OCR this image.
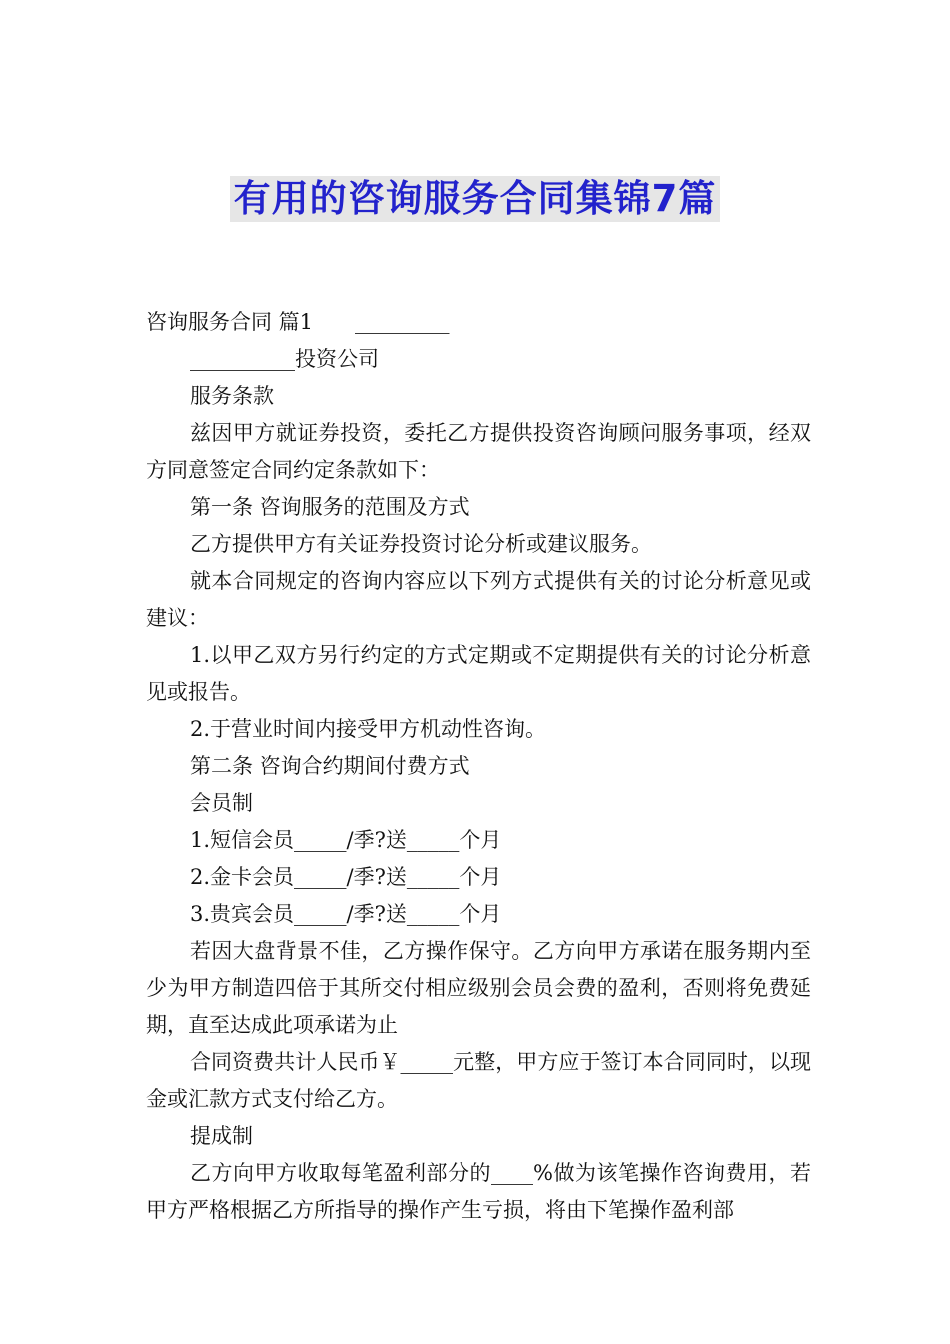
有用的咨询服务合同集锦7篇

咨询服务合同 篇1　　_________

__________投资公司

服务条款

兹因甲方就证券投资，委托乙方提供投资咨询顾问服务事项，经双方同意签定合同约定条款如下：

第一条 咨询服务的范围及方式

乙方提供甲方有关证券投资讨论分析或建议服务。

就本合同规定的咨询内容应以下列方式提供有关的讨论分析意见或建议：

1.以甲乙双方另行约定的方式定期或不定期提供有关的讨论分析意见或报告。

2.于营业时间内接受甲方机动性咨询。

第二条 咨询合约期间付费方式

会员制

1.短信会员_____/季?送_____个月

2.金卡会员_____/季?送_____个月

3.贵宾会员_____/季?送_____个月

若因大盘背景不佳，乙方操作保守。乙方向甲方承诺在服务期内至少为甲方制造四倍于其所交付相应级别会员会费的盈利，否则将免费延期，直至达成此项承诺为止

合同资费共计人民币￥_____元整，甲方应于签订本合同同时，以现金或汇款方式支付给乙方。

提成制

乙方向甲方收取每笔盈利部分的____%做为该笔操作咨询费用，若甲方严格根据乙方所指导的操作产生亏损，将由下笔操作盈利部
